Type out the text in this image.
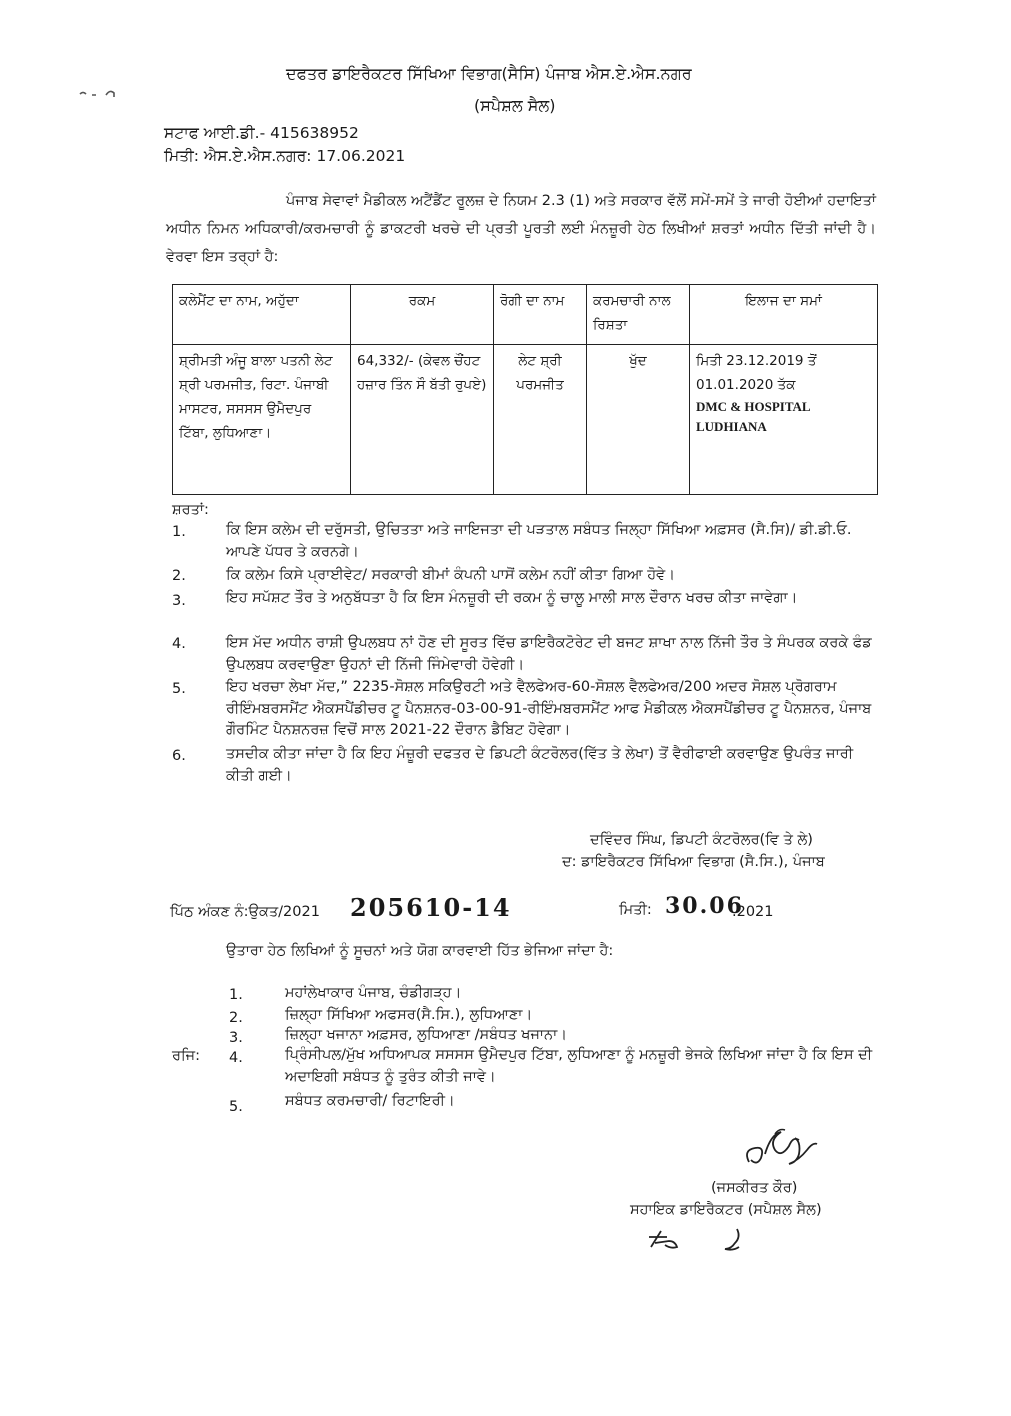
ਦਫਤਰ ਡਾਇਰੈਕਟਰ ਸਿੱਖਿਆ ਵਿਭਾਗ(ਸੈਸਿ) ਪੰਜਾਬ ਐਸ.ਏ.ਐਸ.ਨਗਰ
(ਸਪੈਸ਼ਲ ਸੈਲ)
ਸਟਾਫ ਆਈ.ਡੀ.- 415638952
ਮਿਤੀ: ਐਸ.ਏ.ਐਸ.ਨਗਰ: 17.06.2021
ਪੰਜਾਬ ਸੇਵਾਵਾਂ ਮੈਡੀਕਲ ਅਟੈਂਡੈਂਟ ਰੂਲਜ਼ ਦੇ ਨਿਯਮ 2.3 (1) ਅਤੇ ਸਰਕਾਰ ਵੱਲੋਂ ਸਮੇਂ-ਸਮੇਂ ਤੇ ਜਾਰੀ ਹੋਈਆਂ ਹਦਾਇਤਾਂ ਅਧੀਨ ਨਿਮਨ ਅਧਿਕਾਰੀ/ਕਰਮਚਾਰੀ ਨੂੰ ਡਾਕਟਰੀ ਖਰਚੇ ਦੀ ਪ੍ਰਤੀ ਪੂਰਤੀ ਲਈ ਮੰਨਜ਼ੂਰੀ ਹੇਠ ਲਿਖੀਆਂ ਸ਼ਰਤਾਂ ਅਧੀਨ ਦਿੱਤੀ ਜਾਂਦੀ ਹੈ। ਵੇਰਵਾ ਇਸ ਤਰ੍ਹਾਂ ਹੈ:
ਕਲੇਮੈਂਟ ਦਾ ਨਾਮ, ਅਹੁੱਦਾ	ਰਕਮ	ਰੋਗੀ ਦਾ ਨਾਮ	ਕਰਮਚਾਰੀ ਨਾਲ ਰਿਸ਼ਤਾ	ਇਲਾਜ ਦਾ ਸਮਾਂ
ਸ਼੍ਰੀਮਤੀ ਅੰਜੂ ਬਾਲਾ ਪਤਨੀ ਲੇਟ ਸ਼੍ਰੀ ਪਰਮਜੀਤ, ਰਿਟਾ. ਪੰਜਾਬੀ ਮਾਸਟਰ, ਸਸਸਸ ਉਮੈਦਪੁਰ ਟਿੱਬਾ, ਲੁਧਿਆਣਾ।	64,332/- (ਕੇਵਲ ਚੌਂਹਟ ਹਜ਼ਾਰ ਤਿੰਨ ਸੌ ਬੱਤੀ ਰੁਪਏ)	ਲੇਟ ਸ਼੍ਰੀ ਪਰਮਜੀਤ	ਖੁੱਦ	ਮਿਤੀ 23.12.2019 ਤੋਂ 01.01.2020 ਤੱਕ
DMC & HOSPITAL LUDHIANA
ਸ਼ਰਤਾਂ:
1.	ਕਿ ਇਸ ਕਲੇਮ ਦੀ ਦਰੁੱਸਤੀ, ਉਚਿਤਤਾ ਅਤੇ ਜਾਇਜਤਾ ਦੀ ਪੜਤਾਲ ਸਬੰਧਤ ਜਿਲ੍ਹਾ ਸਿੱਖਿਆ ਅਫ਼ਸਰ (ਸੈ.ਸਿ)/ ਡੀ.ਡੀ.ਓ. ਆਪਣੇ ਪੱਧਰ ਤੇ ਕਰਨਗੇ।
2.	ਕਿ ਕਲੇਮ ਕਿਸੇ ਪ੍ਰਾਈਵੇਟ/ ਸਰਕਾਰੀ ਬੀਮਾਂ ਕੰਪਨੀ ਪਾਸੋਂ ਕਲੇਮ ਨਹੀਂ ਕੀਤਾ ਗਿਆ ਹੋਵੇ।
3.	ਇਹ ਸਪੱਸ਼ਟ ਤੌਰ ਤੇ ਅਨੁਬੱਧਤਾ ਹੈ ਕਿ ਇਸ ਮੰਨਜ਼ੂਰੀ ਦੀ ਰਕਮ ਨੂੰ ਚਾਲੂ ਮਾਲੀ ਸਾਲ ਦੌਰਾਨ ਖਰਚ ਕੀਤਾ ਜਾਵੇਗਾ।
4.	ਇਸ ਮੱਦ ਅਧੀਨ ਰਾਸ਼ੀ ਉਪਲਬਧ ਨਾਂ ਹੋਣ ਦੀ ਸੂਰਤ ਵਿੱਚ ਡਾਇਰੈਕਟੋਰੇਟ ਦੀ ਬਜਟ ਸ਼ਾਖਾ ਨਾਲ ਨਿੱਜੀ ਤੌਰ ਤੇ ਸੰਪਰਕ ਕਰਕੇ ਫੰਡ ਉਪਲਬਧ ਕਰਵਾਉਣਾ ਉਹਨਾਂ ਦੀ ਨਿੱਜੀ ਜਿੰਮੇਵਾਰੀ ਹੋਵੇਗੀ।
5.	ਇਹ ਖਰਚਾ ਲੇਖਾ ਮੱਦ,” 2235-ਸੋਸ਼ਲ ਸਕਿਉਰਟੀ ਅਤੇ ਵੈਲਫੇਅਰ-60-ਸੋਸ਼ਲ ਵੈਲਫੇਅਰ/200 ਅਦਰ ਸੋਸ਼ਲ ਪ੍ਰੋਗਰਾਮ ਰੀਇੰਮਬਰਸਮੈਂਟ ਐਕਸਪੈਂਡੀਚਰ ਟੂ ਪੈਨਸ਼ਨਰ-03-00-91-ਰੀਇੰਮਬਰਸਮੈਂਟ ਆਫ ਮੈਡੀਕਲ ਐਕਸਪੈਂਡੀਚਰ ਟੂ ਪੈਨਸ਼ਨਰ, ਪੰਜਾਬ ਗੌਰਮਿੰਟ ਪੈਨਸ਼ਨਰਜ਼ ਵਿਚੋਂ ਸਾਲ 2021-22 ਦੌਰਾਨ ਡੈਬਿਟ ਹੋਵੇਗਾ।
6.	ਤਸਦੀਕ ਕੀਤਾ ਜਾਂਦਾ ਹੈ ਕਿ ਇਹ ਮੰਜ਼ੂਰੀ ਦਫਤਰ ਦੇ ਡਿਪਟੀ ਕੰਟਰੋਲਰ(ਵਿੱਤ ਤੇ ਲੇਖਾ) ਤੋਂ ਵੈਰੀਫਾਈ ਕਰਵਾਉਣ ਉਪਰੰਤ ਜਾਰੀ ਕੀਤੀ ਗਈ।
ਦਵਿੰਦਰ ਸਿੰਘ, ਡਿਪਟੀ ਕੰਟਰੋਲਰ(ਵਿ ਤੇ ਲੇ)
ਦ: ਡਾਇਰੈਕਟਰ ਸਿੱਖਿਆ ਵਿਭਾਗ (ਸੈ.ਸਿ.), ਪੰਜਾਬ
ਪਿੱਠ ਅੰਕਣ ਨੰ:ਉਕਤ/2021 205610-14	ਮਿਤੀ: 30.06
.2021
ਉਤਾਰਾ ਹੇਠ ਲਿਖਿਆਂ ਨੂੰ ਸੂਚਨਾਂ ਅਤੇ ਯੋਗ ਕਾਰਵਾਈ ਹਿੱਤ ਭੇਜਿਆ ਜਾਂਦਾ ਹੈ:
ਰਜਿ:
1.	ਮਹਾਂਲੇਖਾਕਾਰ ਪੰਜਾਬ, ਚੰਡੀਗੜ੍ਹ।
2.	ਜ਼ਿਲ੍ਹਾ ਸਿੱਖਿਆ ਅਫਸਰ(ਸੈ.ਸਿ.), ਲੁਧਿਆਣਾ।
3.	ਜ਼ਿਲ੍ਹਾ ਖਜਾਨਾ ਅਫ਼ਸਰ, ਲੁਧਿਆਣਾ /ਸਬੰਧਤ ਖਜਾਨਾ।
4.	ਪ੍ਰਿੰਸੀਪਲ/ਮੁੱਖ ਅਧਿਆਪਕ ਸਸਸਸ ਉਮੈਦਪੁਰ ਟਿੱਬਾ, ਲੁਧਿਆਣਾ ਨੂੰ ਮਨਜ਼ੂਰੀ ਭੇਜਕੇ ਲਿਖਿਆ ਜਾਂਦਾ ਹੈ ਕਿ ਇਸ ਦੀ ਅਦਾਇਗੀ ਸਬੰਧਤ ਨੂੰ ਤੁਰੰਤ ਕੀਤੀ ਜਾਵੇ।
5.	ਸਬੰਧਤ ਕਰਮਚਾਰੀ/ ਰਿਟਾਇਰੀ।
(ਜਸਕੀਰਤ ਕੌਰ)
ਸਹਾਇਕ ਡਾਇਰੈਕਟਰ (ਸਪੈਸ਼ਲ ਸੈਲ)
